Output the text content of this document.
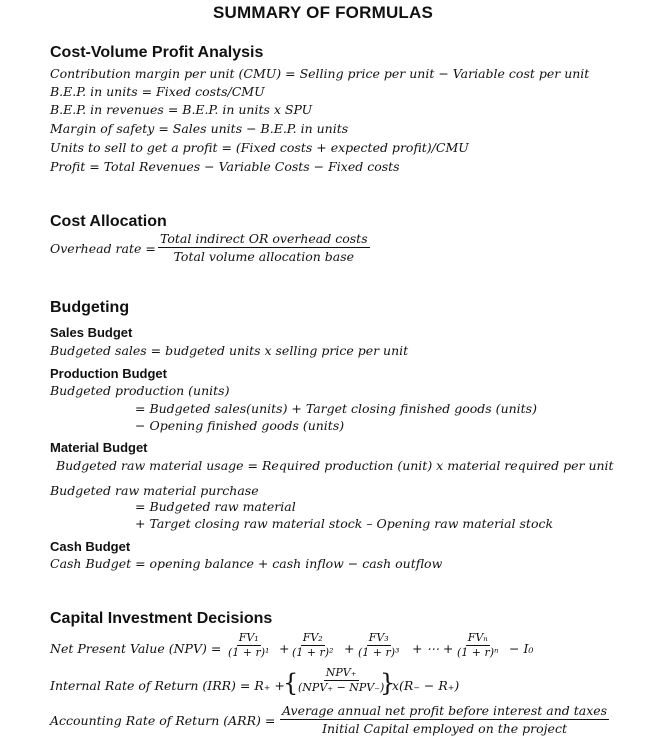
SUMMARY OF FORMULAS
Cost-Volume Profit Analysis
Contribution margin per unit (CMU) = Selling price per unit − Variable cost per unit
B.E.P. in units = Fixed costs/CMU
B.E.P. in revenues = B.E.P. in units x SPU
Margin of safety = Sales units − B.E.P. in units
Units to sell to get a profit = (Fixed costs + expected profit)/CMU
Profit = Total Revenues − Variable Costs − Fixed costs
Cost Allocation
Overhead rate =
Total indirect OR overhead costs
Total volume allocation base
Budgeting
Sales Budget
Budgeted sales = budgeted units x selling price per unit
Production Budget
Budgeted production (units)
= Budgeted sales(units) + Target closing finished goods (units)
− Opening finished goods (units)
Material Budget
Budgeted raw material usage = Required production (unit) x material required per unit
Budgeted raw material purchase
= Budgeted raw material
+ Target closing raw material stock – Opening raw material stock
Cash Budget
Cash Budget = opening balance + cash inflow − cash outflow
Capital Investment Decisions
Net Present Value $(NPV) = \frac{\text{FV₁}}{\text{(1 + r)¹}} + \frac{\text{FV₂}}{\text{(1 + r)²}} + \frac{\text{FV₃}}{\text{(1 + r)³}}$ + ⋯ +
FVₙ
(1 + r)ⁿ − I₀
Internal Rate of Return (IRR) = R₊ +
{	NPV₊
(NPV₊ − NPV₋)
}
x(R₋ − R₊)
Accounting Rate of Return (ARR) =
Average annual net profit before interest and taxes
Initial Capital employed on the project
